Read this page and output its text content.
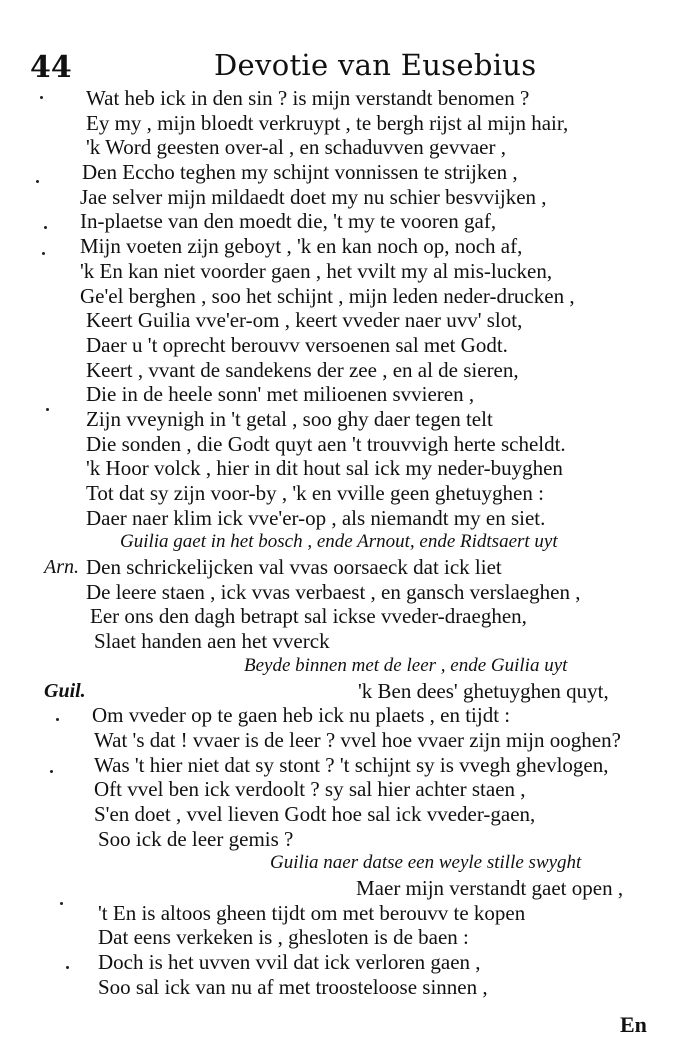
44	Devotie van Eusebius
Wat heb ick in den sin ? is mijn verstandt benomen ?
Ey my , mijn bloedt verkruypt , te bergh rijst al mijn hair,
'k Word geesten over-al , en schaduvven gevvaer ,
Den Eccho teghen my schijnt vonnissen te strijken ,
Jae selver mijn mildaedt doet my nu schier besvvijken ,
In-plaetse van den moedt die, 't my te vooren gaf,
Mijn voeten zijn geboyt , 'k en kan noch op, noch af,
'k En kan niet voorder gaen , het vvilt my al mis-lucken,
Ge'el berghen , soo het schijnt , mijn leden neder-drucken ,
Keert Guilia vve'er-om , keert vveder naer uvv' slot,
Daer u 't oprecht berouvv versoenen sal met Godt.
Keert , vvant de sandekens der zee , en al de sieren,
Die in de heele sonn' met milioenen svvieren ,
Zijn vveynigh in 't getal , soo ghy daer tegen telt
Die sonden , die Godt quyt aen 't trouvvigh herte scheldt.
'k Hoor volck , hier in dit hout sal ick my neder-buyghen
Tot dat sy zijn voor-by , 'k en vville geen ghetuyghen :
Daer naer klim ick vve'er-op , als niemandt my en siet.
Guilia gaet in het bosch , ende Arnout, ende Ridtsaert uyt
Arn. Den schrickelijcken val vvas oorsaeck dat ick liet
De leere staen , ick vvas verbaest , en gansch verslaeghen ,
Eer ons den dagh betrapt sal ickse vveder-draeghen,
Slaet handen aen het vverck
Beyde binnen met de leer , ende Guilia uyt
Guil.	'k Ben dees' ghetuyghen quyt,
Om vveder op te gaen heb ick nu plaets , en tijdt :
Wat 's dat ! vvaer is de leer ? vvel hoe vvaer zijn mijn ooghen?
Was 't hier niet dat sy stont ? 't schijnt sy is vvegh ghevlogen,
Oft vvel ben ick verdoolt ? sy sal hier achter staen ,
S'en doet , vvel lieven Godt hoe sal ick vveder-gaen,
Soo ick de leer gemis ?
Guilia naer datse een weyle stille swyght
Maer mijn verstandt gaet open ,
't En is altoos gheen tijdt om met berouvv te kopen
Dat eens verkeken is , ghesloten is de baen :
Doch is het uvven vvil dat ick verloren gaen ,
Soo sal ick van nu af met troosteloose sinnen ,
En
